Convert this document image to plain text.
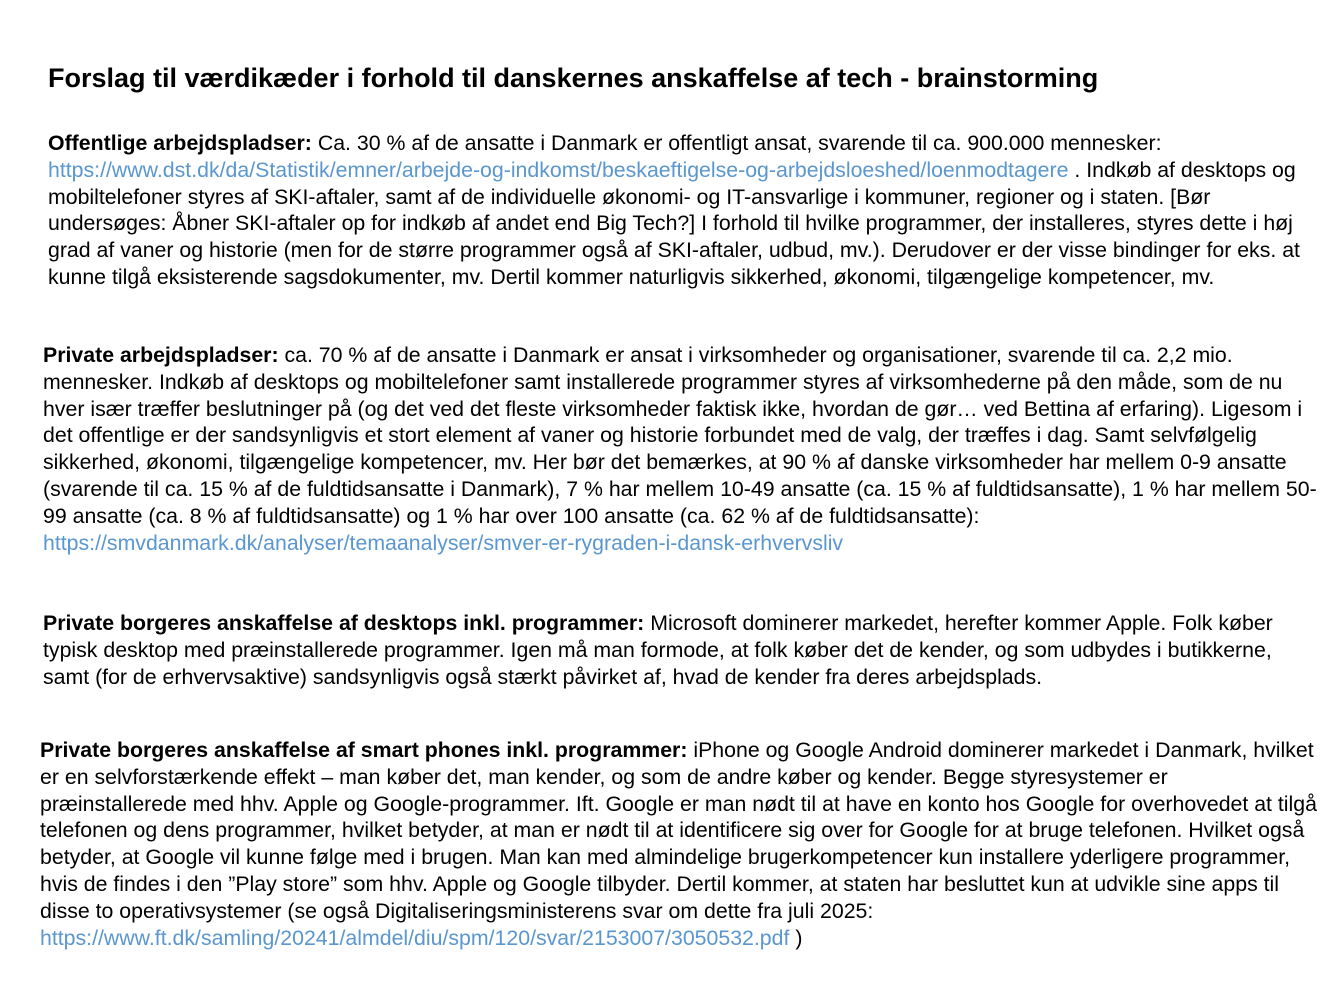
Forslag til værdikæder i forhold til danskernes anskaffelse af tech - brainstorming

Offentlige arbejdspladser: Ca. 30 % af de ansatte i Danmark er offentligt ansat, svarende til ca. 900.000 mennesker: https://www.dst.dk/da/Statistik/emner/arbejde-og-indkomst/beskaeftigelse-og-arbejdsloeshed/loenmodtagere . Indkøb af desktops og mobiltelefoner styres af SKI-aftaler, samt af de individuelle økonomi- og IT-ansvarlige i kommuner, regioner og i staten. [Bør undersøges: Åbner SKI-aftaler op for indkøb af andet end Big Tech?] I forhold til hvilke programmer, der installeres, styres dette i høj grad af vaner og historie (men for de større programmer også af SKI-aftaler, udbud, mv.). Derudover er der visse bindinger for eks. at kunne tilgå eksisterende sagsdokumenter, mv. Dertil kommer naturligvis sikkerhed, økonomi, tilgængelige kompetencer, mv.

Private arbejdspladser: ca. 70 % af de ansatte i Danmark er ansat i virksomheder og organisationer, svarende til ca. 2,2 mio. mennesker. Indkøb af desktops og mobiltelefoner samt installerede programmer styres af virksomhederne på den måde, som de nu hver især træffer beslutninger på (og det ved det fleste virksomheder faktisk ikke, hvordan de gør… ved Bettina af erfaring). Ligesom i det offentlige er der sandsynligvis et stort element af vaner og historie forbundet med de valg, der træffes i dag. Samt selvfølgelig sikkerhed, økonomi, tilgængelige kompetencer, mv. Her bør det bemærkes, at 90 % af danske virksomheder har mellem 0-9 ansatte (svarende til ca. 15 % af de fuldtidsansatte i Danmark), 7 % har mellem 10-49 ansatte (ca. 15 % af fuldtidsansatte), 1 % har mellem 50-99 ansatte (ca. 8 % af fuldtidsansatte) og 1 % har over 100 ansatte (ca. 62 % af de fuldtidsansatte): https://smvdanmark.dk/analyser/temaanalyser/smver-er-rygraden-i-dansk-erhvervsliv

Private borgeres anskaffelse af desktops inkl. programmer: Microsoft dominerer markedet, herefter kommer Apple. Folk køber typisk desktop med præinstallerede programmer. Igen må man formode, at folk køber det de kender, og som udbydes i butikkerne, samt (for de erhvervsaktive) sandsynligvis også stærkt påvirket af, hvad de kender fra deres arbejdsplads.

Private borgeres anskaffelse af smart phones inkl. programmer: iPhone og Google Android dominerer markedet i Danmark, hvilket er en selvforstærkende effekt – man køber det, man kender, og som de andre køber og kender. Begge styresystemer er præinstallerede med hhv. Apple og Google-programmer. Ift. Google er man nødt til at have en konto hos Google for overhovedet at tilgå telefonen og dens programmer, hvilket betyder, at man er nødt til at identificere sig over for Google for at bruge telefonen. Hvilket også betyder, at Google vil kunne følge med i brugen. Man kan med almindelige brugerkompetencer kun installere yderligere programmer, hvis de findes i den ”Play store” som hhv. Apple og Google tilbyder. Dertil kommer, at staten har besluttet kun at udvikle sine apps til disse to operativsystemer (se også Digitaliseringsministerens svar om dette fra juli 2025: https://www.ft.dk/samling/20241/almdel/diu/spm/120/svar/2153007/3050532.pdf )
